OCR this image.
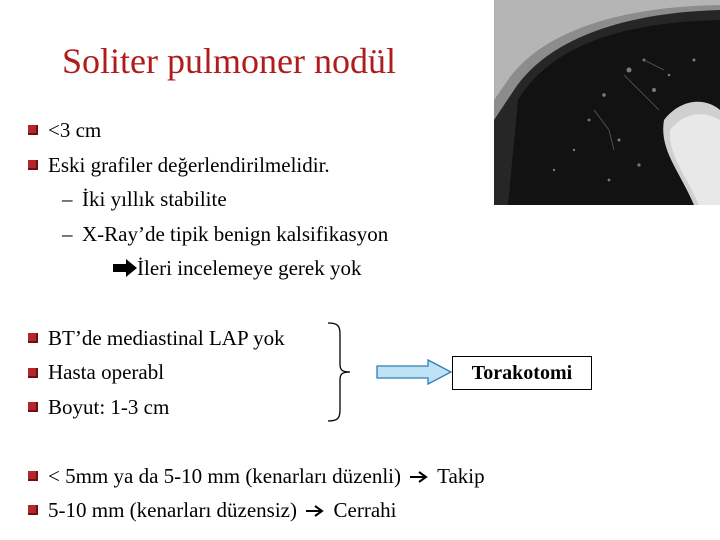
Soliter pulmoner nodül
<3 cm
Eski grafiler değerlendirilmelidir.
– İki yıllık stabilite
– X-Ray’de tipik benign kalsifikasyon
İleri incelemeye gerek yok
BT’de mediastinal LAP yok
Hasta operabl
Boyut: 1-3 cm
Torakotomi
< 5mm ya da 5-10 mm (kenarları düzenli) Takip
5-10 mm (kenarları düzensiz) Cerrahi
